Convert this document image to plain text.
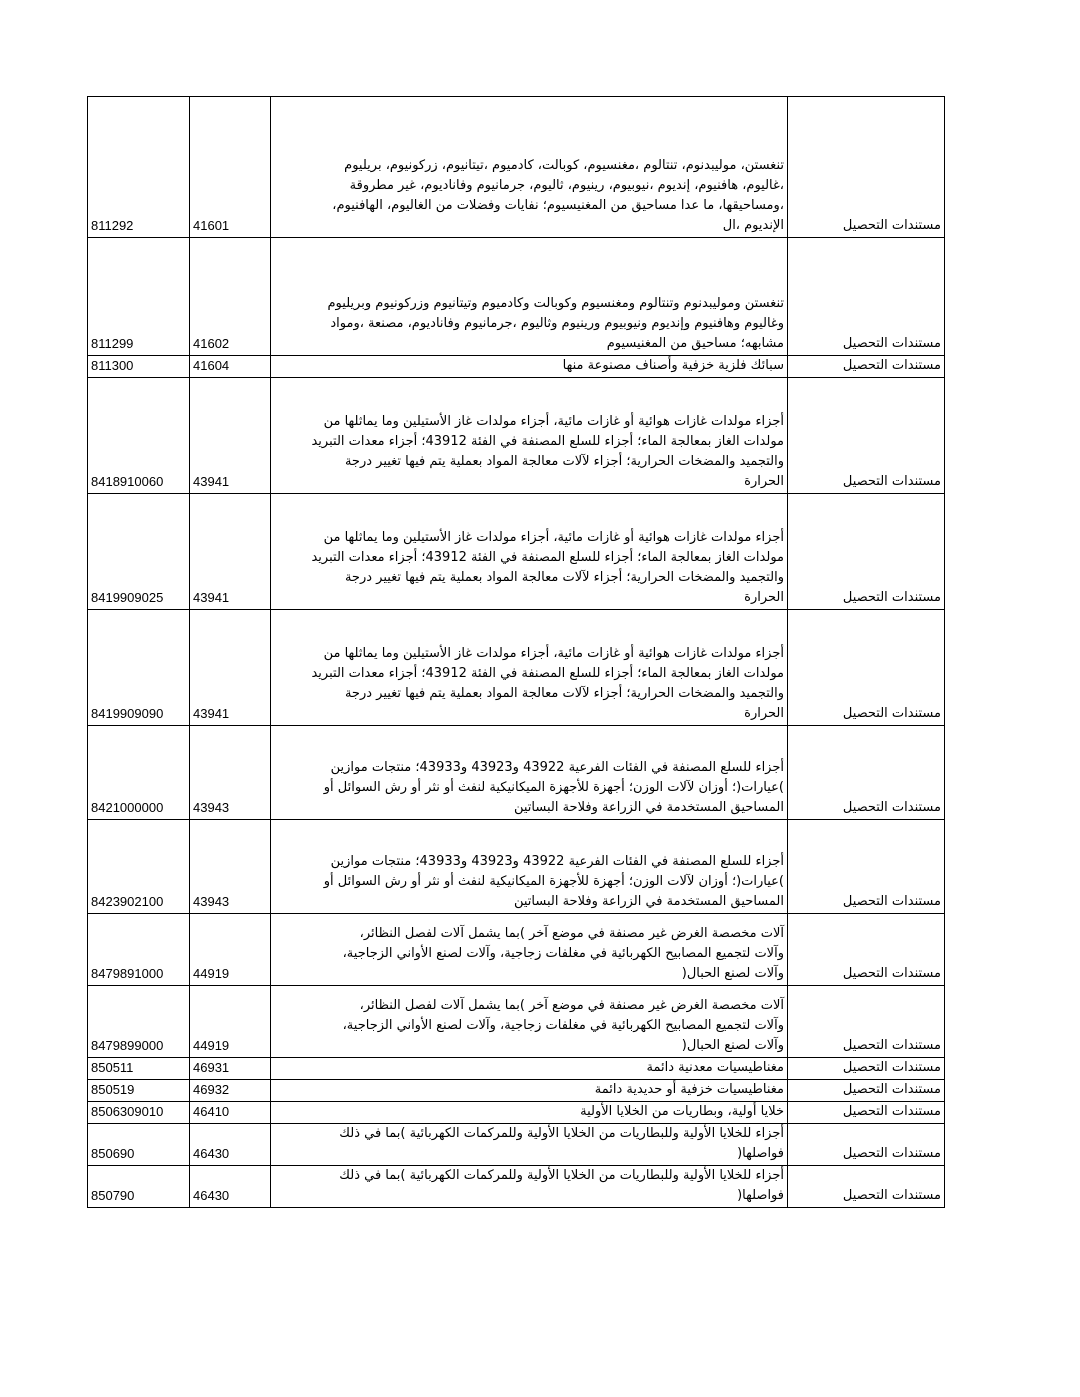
811292	41601	تنغستن، موليبدنوم، تنتالوم ،مغنسيوم، كوبالت، كادميوم ،تيتانيوم، زركونيوم، بريليوم
،غاليوم، هافنيوم، إنديوم ،نيوبيوم، رينيوم، ثاليوم، جرمانيوم وفاناديوم، غير مطروقة
،ومساحيقها، ما عدا مساحيق من المغنيسيوم؛ نفايات وفضلات من الغاليوم، الهافنيوم،
الإنديوم ،ال	مستندات التحصيل
811299	41602	تنغستن وموليبدنوم وتنتالوم ومغنسيوم وكوبالت وكادميوم وتيتانيوم وزركونيوم وبريليوم
وغاليوم وهافنيوم وإنديوم ونيوبيوم ورينيوم وثاليوم ،جرمانيوم وفاناديوم، مصنعة ،ومواد
مشابهه؛ مساحيق من المغنيسيوم	مستندات التحصيل
811300	41604	سبائك فلزية خزفية وأصناف مصنوعة منها	مستندات التحصيل
8418910060	43941	أجزاء مولدات غازات هوائية أو غازات مائية، أجزاء مولدات غاز الأستيلين وما يماثلها من
مولدات الغاز بمعالجة الماء؛ أجزاء للسلع المصنفة في الفئة 43912؛ أجزاء معدات التبريد
والتجميد والمضخات الحرارية؛ أجزاء لآلات معالجة المواد بعملية يتم فيها تغيير درجة
الحرارة	مستندات التحصيل
8419909025	43941	أجزاء مولدات غازات هوائية أو غازات مائية، أجزاء مولدات غاز الأستيلين وما يماثلها من
مولدات الغاز بمعالجة الماء؛ أجزاء للسلع المصنفة في الفئة 43912؛ أجزاء معدات التبريد
والتجميد والمضخات الحرارية؛ أجزاء لآلات معالجة المواد بعملية يتم فيها تغيير درجة
الحرارة	مستندات التحصيل
8419909090	43941	أجزاء مولدات غازات هوائية أو غازات مائية، أجزاء مولدات غاز الأستيلين وما يماثلها من
مولدات الغاز بمعالجة الماء؛ أجزاء للسلع المصنفة في الفئة 43912؛ أجزاء معدات التبريد
والتجميد والمضخات الحرارية؛ أجزاء لآلات معالجة المواد بعملية يتم فيها تغيير درجة
الحرارة	مستندات التحصيل
8421000000	43943	أجزاء للسلع المصنفة في الفئات الفرعية 43922 و43923 و43933؛ منتجات موازين
)عيارات(؛ أوزان لآلات الوزن؛ أجهزة للأجهزة الميكانيكية لنفث أو نثر أو رش السوائل أو
المساحيق المستخدمة في الزراعة وفلاحة البساتين	مستندات التحصيل
8423902100	43943	أجزاء للسلع المصنفة في الفئات الفرعية 43922 و43923 و43933؛ منتجات موازين
)عيارات(؛ أوزان لآلات الوزن؛ أجهزة للأجهزة الميكانيكية لنفث أو نثر أو رش السوائل أو
المساحيق المستخدمة في الزراعة وفلاحة البساتين	مستندات التحصيل
8479891000	44919	آلات مخصصة الغرض غير مصنفة في موضع آخر )بما يشمل آلات لفصل النظائر،
وآلات لتجميع المصابيح الكهربائية في مغلفات زجاجية، وآلات لصنع الأواني الزجاجية،
وآلات لصنع الحبال(	مستندات التحصيل
8479899000	44919	آلات مخصصة الغرض غير مصنفة في موضع آخر )بما يشمل آلات لفصل النظائر،
وآلات لتجميع المصابيح الكهربائية في مغلفات زجاجية، وآلات لصنع الأواني الزجاجية،
وآلات لصنع الحبال(	مستندات التحصيل
850511	46931	مغناطيسيات معدنية دائمة	مستندات التحصيل
850519	46932	مغناطيسيات خزفية أو حديدية دائمة	مستندات التحصيل
8506309010	46410	خلايا أولية، وبطاريات من الخلايا الأولية	مستندات التحصيل
850690	46430	أجزاء للخلايا الأولية وللبطاريات من الخلايا الأولية وللمركمات الكهربائية )بما في ذلك
فواصلها(	مستندات التحصيل
850790	46430	أجزاء للخلايا الأولية وللبطاريات من الخلايا الأولية وللمركمات الكهربائية )بما في ذلك
فواصلها(	مستندات التحصيل
